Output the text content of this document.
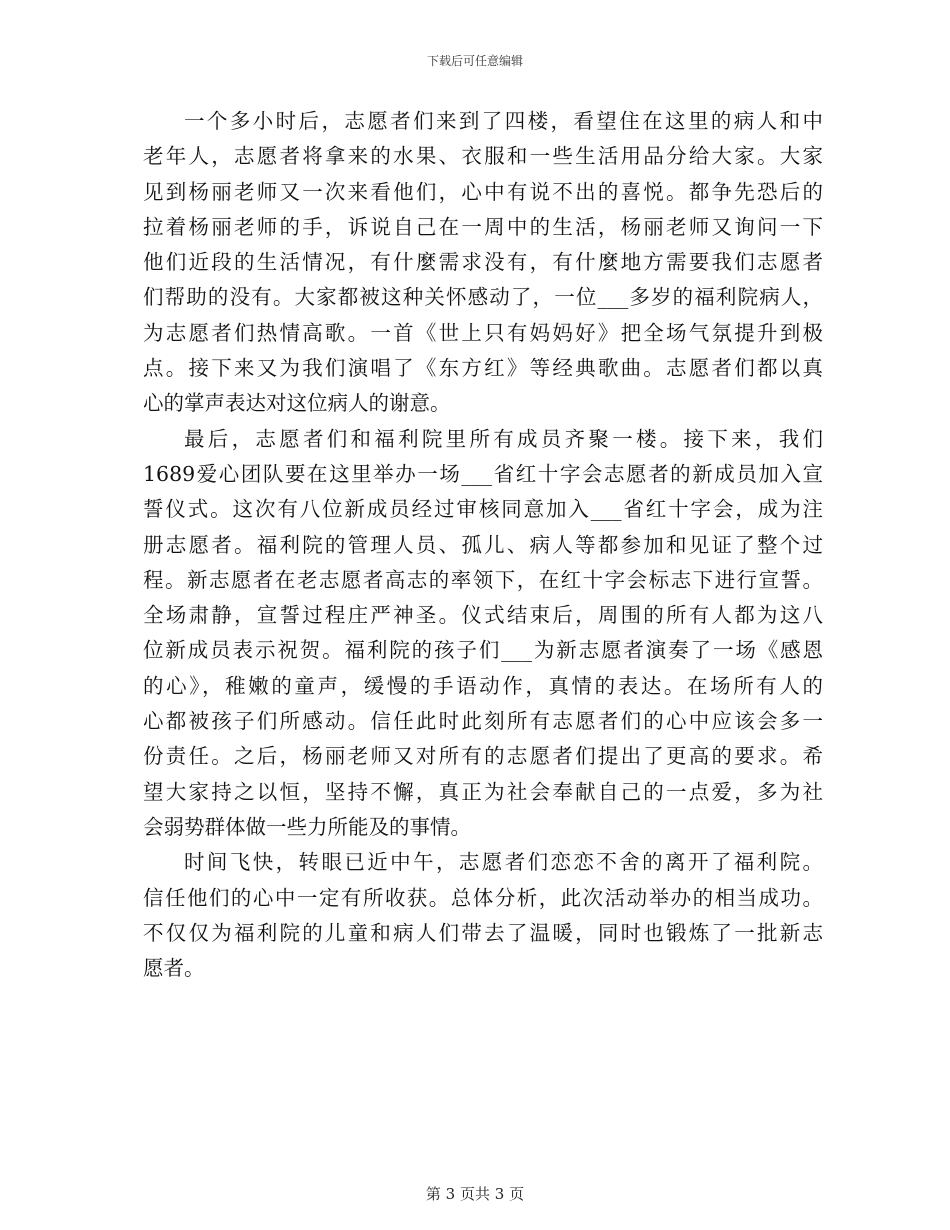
下载后可任意编辑
一个多小时后，志愿者们来到了四楼，看望住在这里的病人和中
老年人，志愿者将拿来的水果、衣服和一些生活用品分给大家。大家
见到杨丽老师又一次来看他们，心中有说不出的喜悦。都争先恐后的
拉着杨丽老师的手，诉说自己在一周中的生活，杨丽老师又询问一下
他们近段的生活情况，有什麼需求没有，有什麼地方需要我们志愿者
们帮助的没有。大家都被这种关怀感动了，一位___多岁的福利院病人，
为志愿者们热情高歌。一首《世上只有妈妈好》把全场气氛提升到极
点。接下来又为我们演唱了《东方红》等经典歌曲。志愿者们都以真
心的掌声表达对这位病人的谢意。
最后，志愿者们和福利院里所有成员齐聚一楼。接下来，我们
1689爱心团队要在这里举办一场___省红十字会志愿者的新成员加入宣
誓仪式。这次有八位新成员经过审核同意加入___省红十字会，成为注
册志愿者。福利院的管理人员、孤儿、病人等都参加和见证了整个过
程。新志愿者在老志愿者高志的率领下，在红十字会标志下进行宣誓。
全场肃静，宣誓过程庄严神圣。仪式结束后，周围的所有人都为这八
位新成员表示祝贺。福利院的孩子们___为新志愿者演奏了一场《感恩
的心》，稚嫩的童声，缓慢的手语动作，真情的表达。在场所有人的
心都被孩子们所感动。信任此时此刻所有志愿者们的心中应该会多一
份责任。之后，杨丽老师又对所有的志愿者们提出了更高的要求。希
望大家持之以恒，坚持不懈，真正为社会奉献自己的一点爱，多为社
会弱势群体做一些力所能及的事情。
时间飞快，转眼已近中午，志愿者们恋恋不舍的离开了福利院。
信任他们的心中一定有所收获。总体分析，此次活动举办的相当成功。
不仅仅为福利院的儿童和病人们带去了温暖，同时也锻炼了一批新志
愿者。
第 3 页共 3 页
